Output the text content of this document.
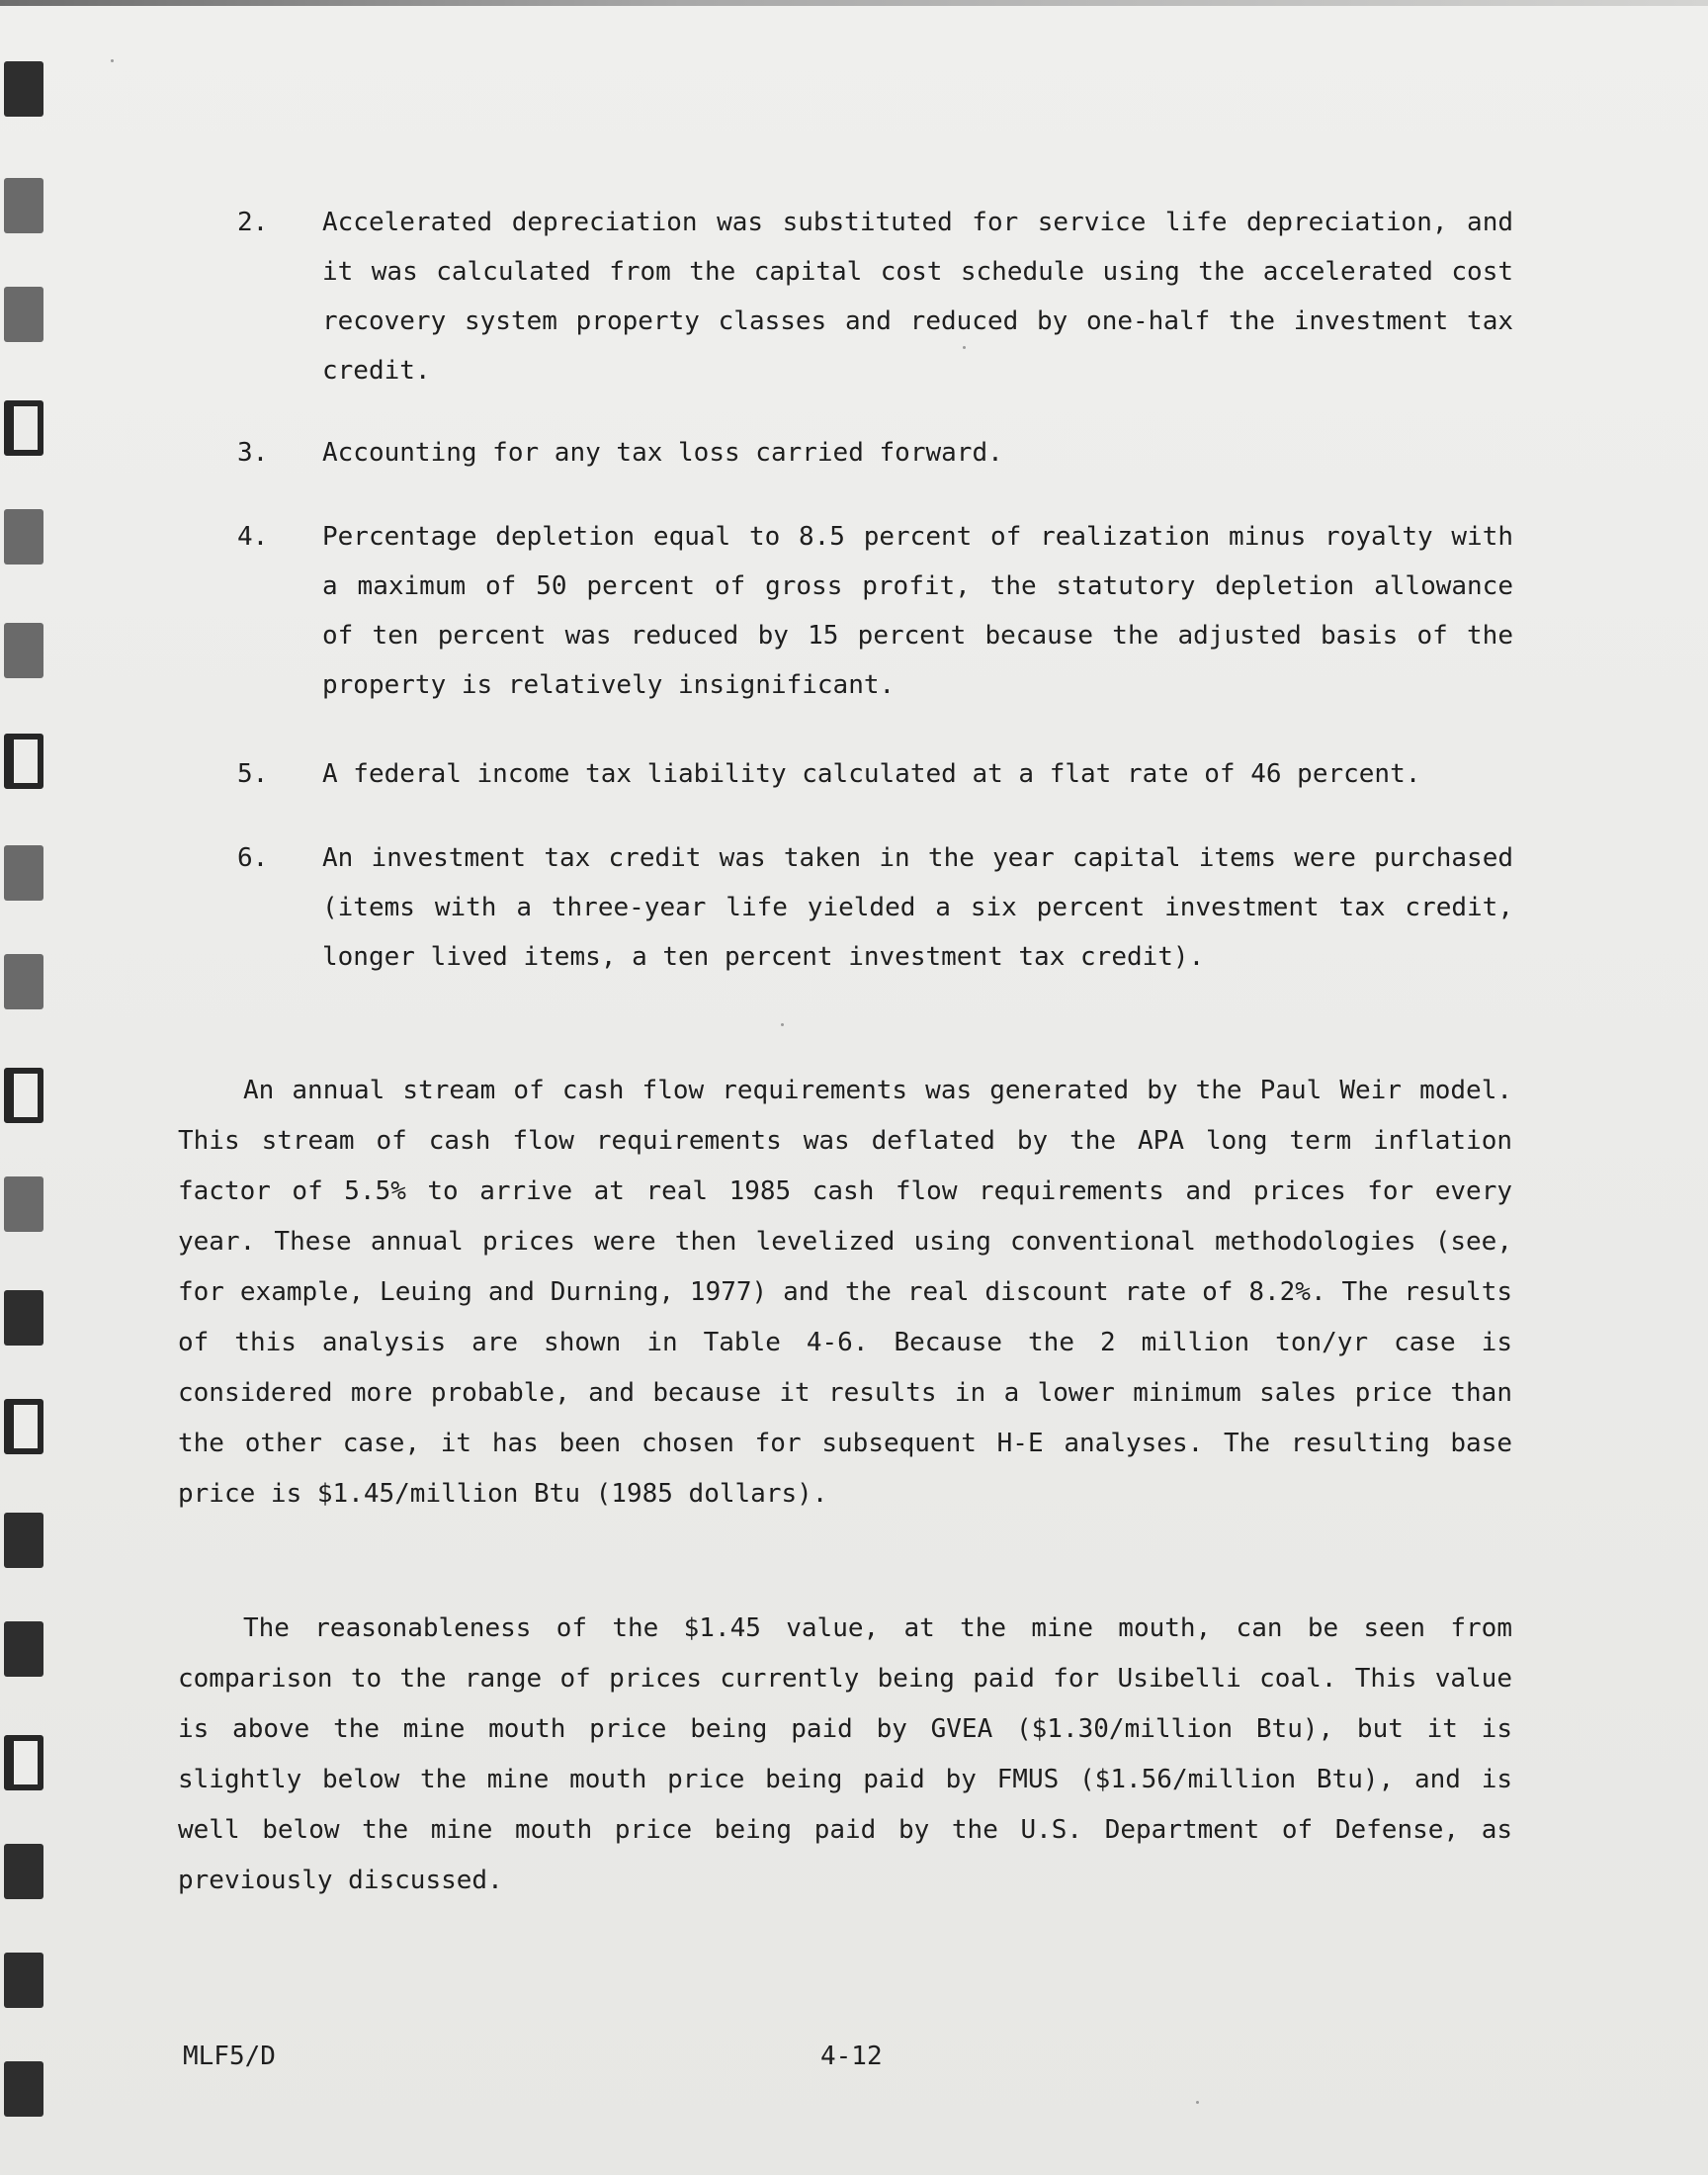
2. Accelerated depreciation was substituted for service life depreciation, and it was calculated from the capital cost schedule using the accelerated cost recovery system property classes and reduced by one-half the investment tax credit.
3. Accounting for any tax loss carried forward.
4. Percentage depletion equal to 8.5 percent of realization minus royalty with a maximum of 50 percent of gross profit, the statutory depletion allowance of ten percent was reduced by 15 percent because the adjusted basis of the property is relatively insignificant.
5. A federal income tax liability calculated at a flat rate of 46 percent.
6. An investment tax credit was taken in the year capital items were purchased (items with a three-year life yielded a six percent investment tax credit, longer lived items, a ten percent investment tax credit).

An annual stream of cash flow requirements was generated by the Paul Weir model. This stream of cash flow requirements was deflated by the APA long term inflation factor of 5.5% to arrive at real 1985 cash flow requirements and prices for every year. These annual prices were then levelized using conventional methodologies (see, for example, Leuing and Durning, 1977) and the real discount rate of 8.2%. The results of this analysis are shown in Table 4-6. Because the 2 million ton/yr case is considered more probable, and because it results in a lower minimum sales price than the other case, it has been chosen for subsequent H-E analyses. The resulting base price is $1.45/million Btu (1985 dollars).

The reasonableness of the $1.45 value, at the mine mouth, can be seen from comparison to the range of prices currently being paid for Usibelli coal. This value is above the mine mouth price being paid by GVEA ($1.30/million Btu), but it is slightly below the mine mouth price being paid by FMUS ($1.56/million Btu), and is well below the mine mouth price being paid by the U.S. Department of Defense, as previously discussed.

MLF5/D	4-12
